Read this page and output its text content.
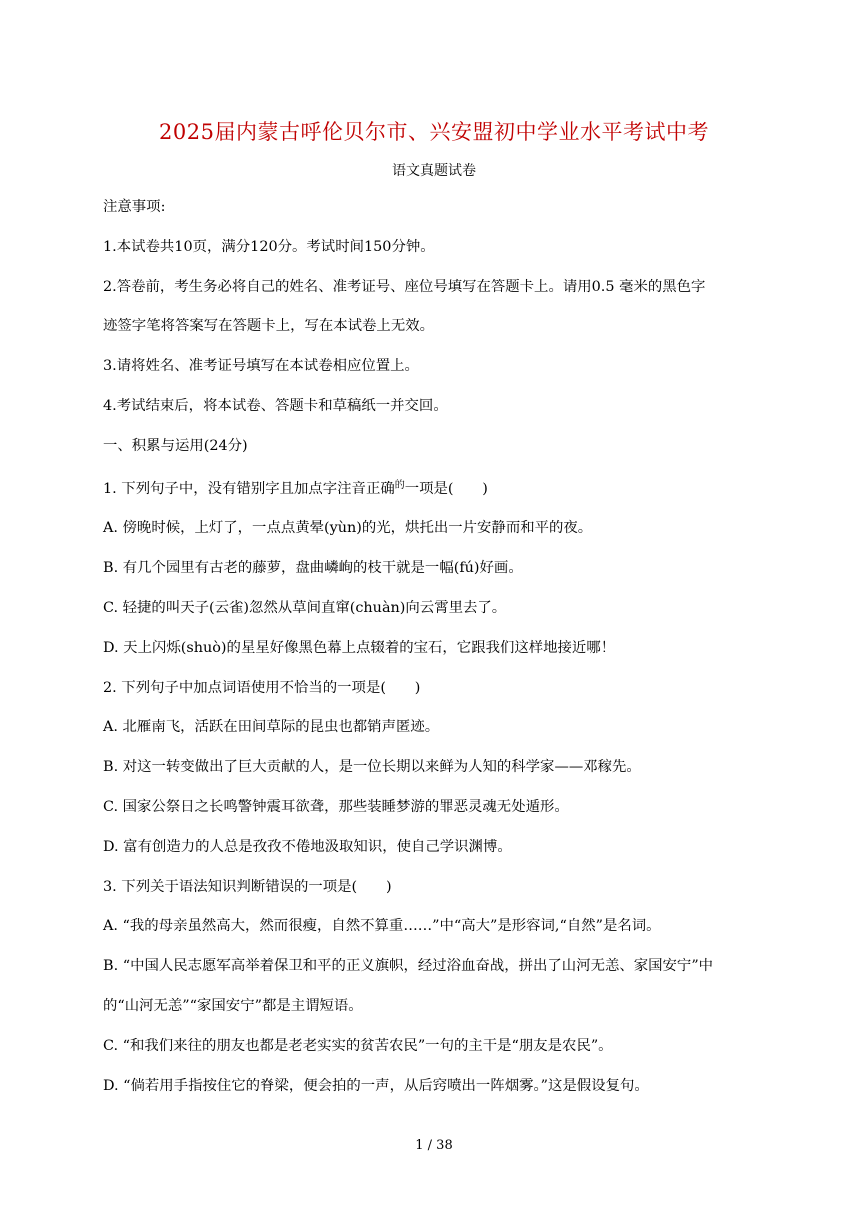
2025届内蒙古呼伦贝尔市、兴安盟初中学业水平考试中考
语文真题试卷
注意事项:
1.本试卷共10页，满分120分。考试时间150分钟。
2.答卷前，考生务必将自己的姓名、准考证号、座位号填写在答题卡上。请用0.5 毫米的黑色字
迹签字笔将答案写在答题卡上，写在本试卷上无效。
3.请将姓名、准考证号填写在本试卷相应位置上。
4.考试结束后，将本试卷、答题卡和草稿纸一并交回。
一、积累与运用(24分)
1. 下列句子中，没有错别字且加点字注音正确$^的$一项是(　　)
A. 傍晚时候，上灯了，一点点黄晕(yùn)的光，烘托出一片安静而和平的夜。
B. 有几个园里有古老的藤萝，盘曲嶙峋的枝干就是一幅(fú)好画。
C. 轻捷的叫天子(云雀)忽然从草间直窜(chuàn)向云霄里去了。
D. 天上闪烁(shuò)的星星好像黑色幕上点辍着的宝石，它跟我们这样地接近哪！
2. 下列句子中加点词语使用不恰当的一项是(　　)
A. 北雁南飞，活跃在田间草际的昆虫也都销声匿迹。
B. 对这一转变做出了巨大贡献的人，是一位长期以来鲜为人知的科学家——邓稼先。
C. 国家公祭日之长鸣警钟震耳欲聋，那些装睡梦游的罪恶灵魂无处遁形。
D. 富有创造力的人总是孜孜不倦地汲取知识，使自己学识渊博。
3. 下列关于语法知识判断错误的一项是(　　)
A. “我的母亲虽然高大，然而很瘦，自然不算重……”中“高大”是形容词,“自然”是名词。
B. “中国人民志愿军高举着保卫和平的正义旗帜，经过浴血奋战，拼出了山河无恙、家国安宁”中
的“山河无恙”“家国安宁”都是主谓短语。
C. “和我们来往的朋友也都是老老实实的贫苦农民”一句的主干是“朋友是农民”。
D. “倘若用手指按住它的脊梁，便会拍的一声，从后窍喷出一阵烟雾。”这是假设复句。
1 / 38
